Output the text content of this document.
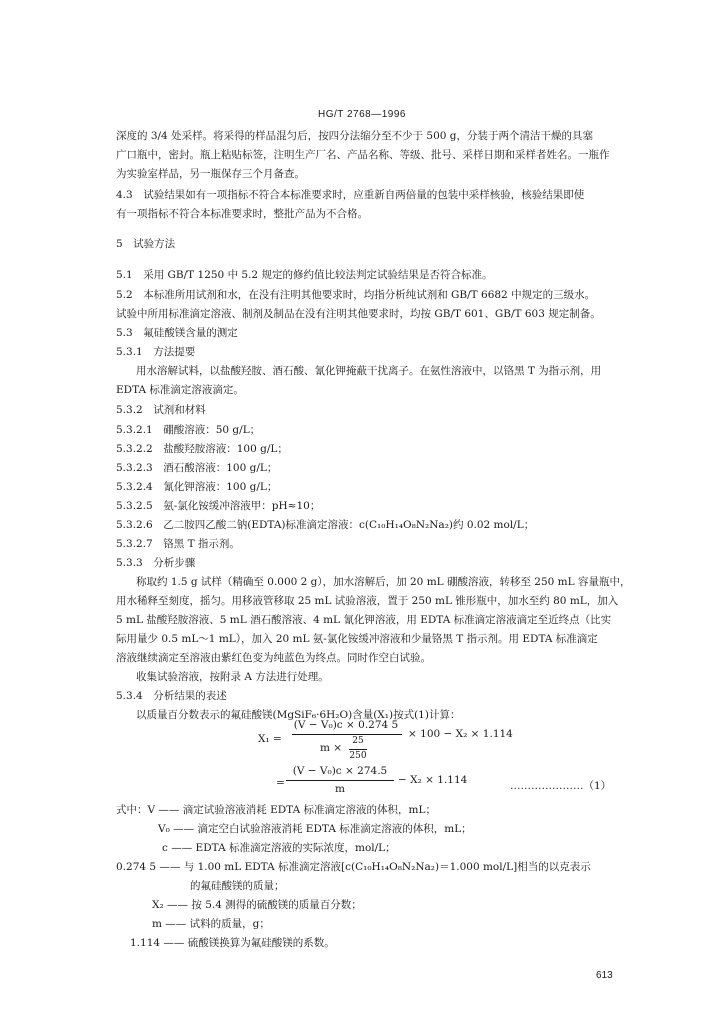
HG/T 2768—1996
深度的 3/4 处采样。将采得的样品混匀后，按四分法缩分至不少于 500 g，分装于两个清洁干燥的具塞
广口瓶中，密封。瓶上粘贴标签，注明生产厂名、产品名称、等级、批号、采样日期和采样者姓名。一瓶作
为实验室样品，另一瓶保存三个月备查。
4.3　试验结果如有一项指标不符合本标准要求时，应重新自两倍量的包装中采样核验，核验结果即使
有一项指标不符合本标准要求时，整批产品为不合格。
5　试验方法
5.1　采用 GB/T 1250 中 5.2 规定的修约值比较法判定试验结果是否符合标准。
5.2　本标准所用试剂和水，在没有注明其他要求时，均指分析纯试剂和 GB/T 6682 中规定的三级水。
试验中所用标准滴定溶液、制剂及制品在没有注明其他要求时，均按 GB/T 601、GB/T 603 规定制备。
5.3　氟硅酸镁含量的测定
5.3.1　方法提要
用水溶解试料，以盐酸羟胺、酒石酸、氰化钾掩蔽干扰离子。在氨性溶液中，以铬黑 T 为指示剂，用
EDTA 标准滴定溶液滴定。
5.3.2　试剂和材料
5.3.2.1　硼酸溶液：50 g/L；
5.3.2.2　盐酸羟胺溶液：100 g/L；
5.3.2.3　酒石酸溶液：100 g/L；
5.3.2.4　氰化钾溶液：100 g/L；
5.3.2.5　氨-氯化铵缓冲溶液甲：pH≈10；
5.3.2.6　乙二胺四乙酸二钠(EDTA)标准滴定溶液：c(C₁₀H₁₄O₈N₂Na₂)约 0.02 mol/L；
5.3.2.7　铬黑 T 指示剂。
5.3.3　分析步骤
称取约 1.5 g 试样（精确至 0.000 2 g），加水溶解后，加 20 mL 硼酸溶液，转移至 250 mL 容量瓶中，
用水稀释至刻度，摇匀。用移液管移取 25 mL 试验溶液，置于 250 mL 锥形瓶中，加水至约 80 mL，加入
5 mL 盐酸羟胺溶液、5 mL 酒石酸溶液、4 mL 氰化钾溶液，用 EDTA 标准滴定溶液滴定至近终点（比实
际用量少 0.5 mL～1 mL），加入 20 mL 氨-氯化铵缓冲溶液和少量铬黑 T 指示剂。用 EDTA 标准滴定
溶液继续滴定至溶液由紫红色变为纯蓝色为终点。同时作空白试验。
收集试验溶液，按附录 A 方法进行处理。
5.3.4　分析结果的表述
以质量百分数表示的氟硅酸镁(MgSiF₆·6H₂O)含量(X₁)按式(1)计算：
X₁ =
(V − V₀)c × 0.274 5
m ×
25
250
× 100 − X₂ × 1.114
=
(V − V₀)c × 274.5
m
− X₂ × 1.114	…………………（1）
式中：V —— 滴定试验溶液消耗 EDTA 标准滴定溶液的体积，mL；
V₀ —— 滴定空白试验溶液消耗 EDTA 标准滴定溶液的体积，mL；
c —— EDTA 标准滴定溶液的实际浓度，mol/L；
0.274 5 —— 与 1.00 mL EDTA 标准滴定溶液[c(C₁₀H₁₄O₈N₂Na₂)＝1.000 mol/L]相当的以克表示
的氟硅酸镁的质量；
X₂ —— 按 5.4 测得的硫酸镁的质量百分数；
m —— 试料的质量，g；
1.114 —— 硫酸镁换算为氟硅酸镁的系数。
613
